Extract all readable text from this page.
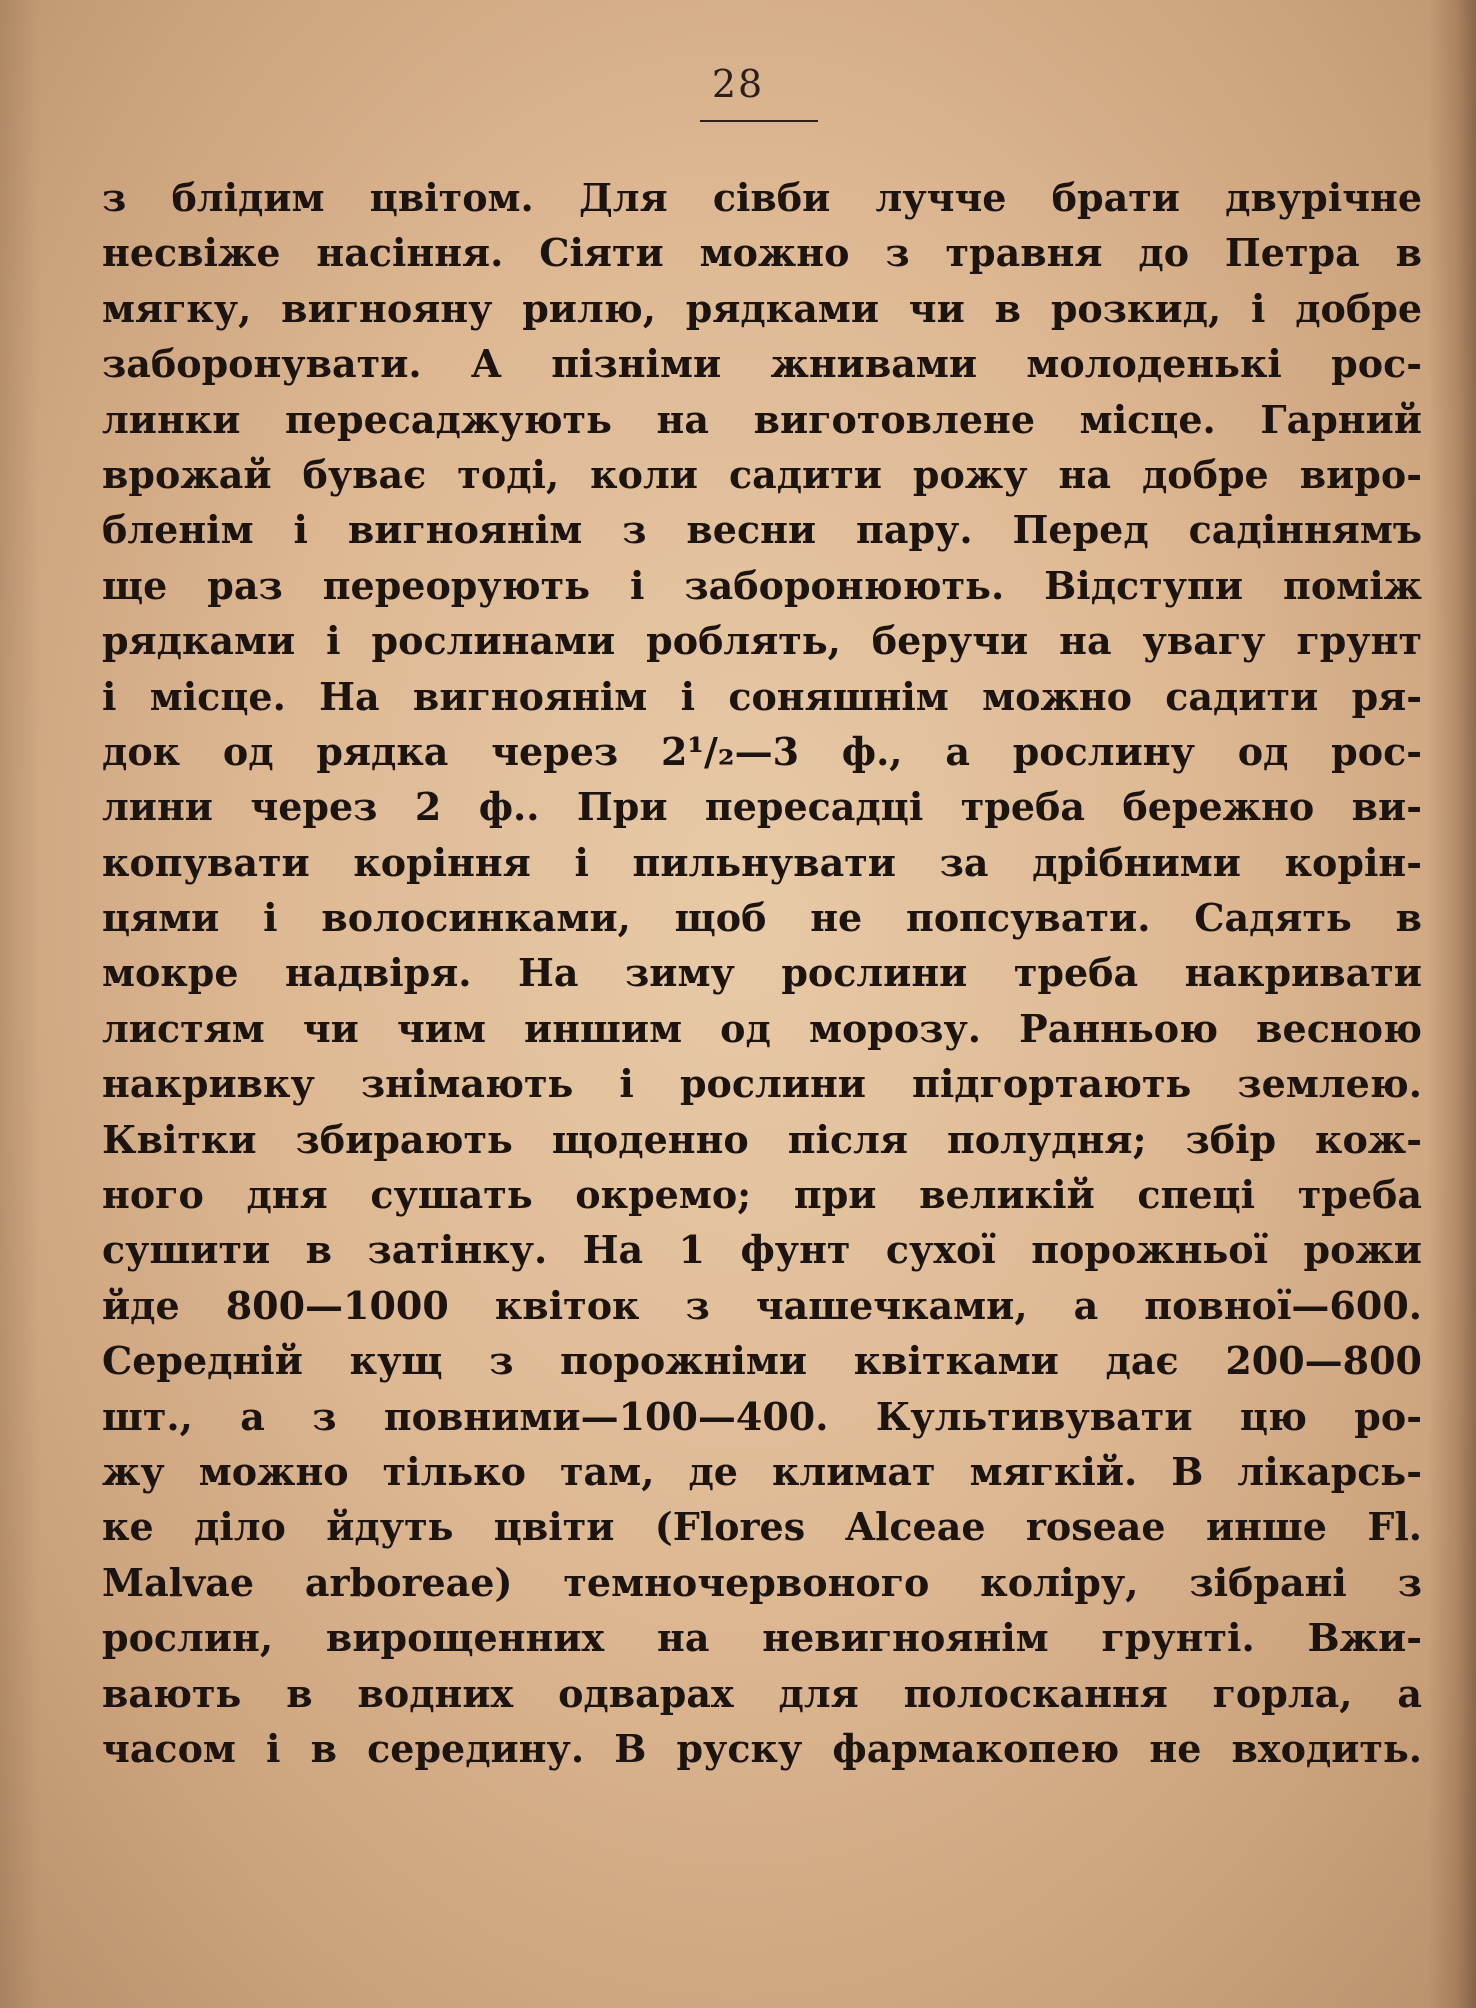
28
з блідим цвітом. Для сівби лучче брати двурічне
несвіже насіння. Сіяти можно з травня до Петра в
мягку, вигнояну рилю, рядками чи в розкид, і добре
заборонувати. А пізніми жнивами молоденькі рос-
линки пересаджують на виготовлене місце. Гарний
врожай буває тоді, коли садити рожу на добре виро-
бленім і вигноянім з весни пару. Перед садіннямъ
ще раз переорують і заборонюють. Відступи поміж
рядками і рослинами роблять, беручи на увагу грунт
і місце. На вигноянім і соняшнім можно садити ря-
док од рядка через 2¹/₂—3 ф., а рослину од рос-
лини через 2 ф.. При пересадці треба бережно ви-
копувати коріння і пильнувати за дрібними корін-
цями і волосинками, щоб не попсувати. Садять в
мокре надвіря. На зиму рослини треба накривати
листям чи чим иншим од морозу. Ранньою весною
накривку знімають і рослини підгортають землею.
Квітки збирають щоденно після полудня; збір кож-
ного дня сушать окремо; при великій спеці треба
сушити в затінку. На 1 фунт сухої порожньої рожи
йде 800—1000 квіток з чашечками, а повної—600.
Середній кущ з порожніми квітками дає 200—800
шт., а з повними—100—400. Культивувати цю ро-
жу можно тілько там, де климат мягкій. В лікарсь-
ке діло йдуть цвіти (Flores Alceae roseae инше Fl.
Malvae arboreae) темночервоного коліру, зібрані з
рослин, вирощенних на невигноянім грунті. Вжи-
вають в водних одварах для полоскання горла, а
часом і в середину. В руску фармакопею не входить.
